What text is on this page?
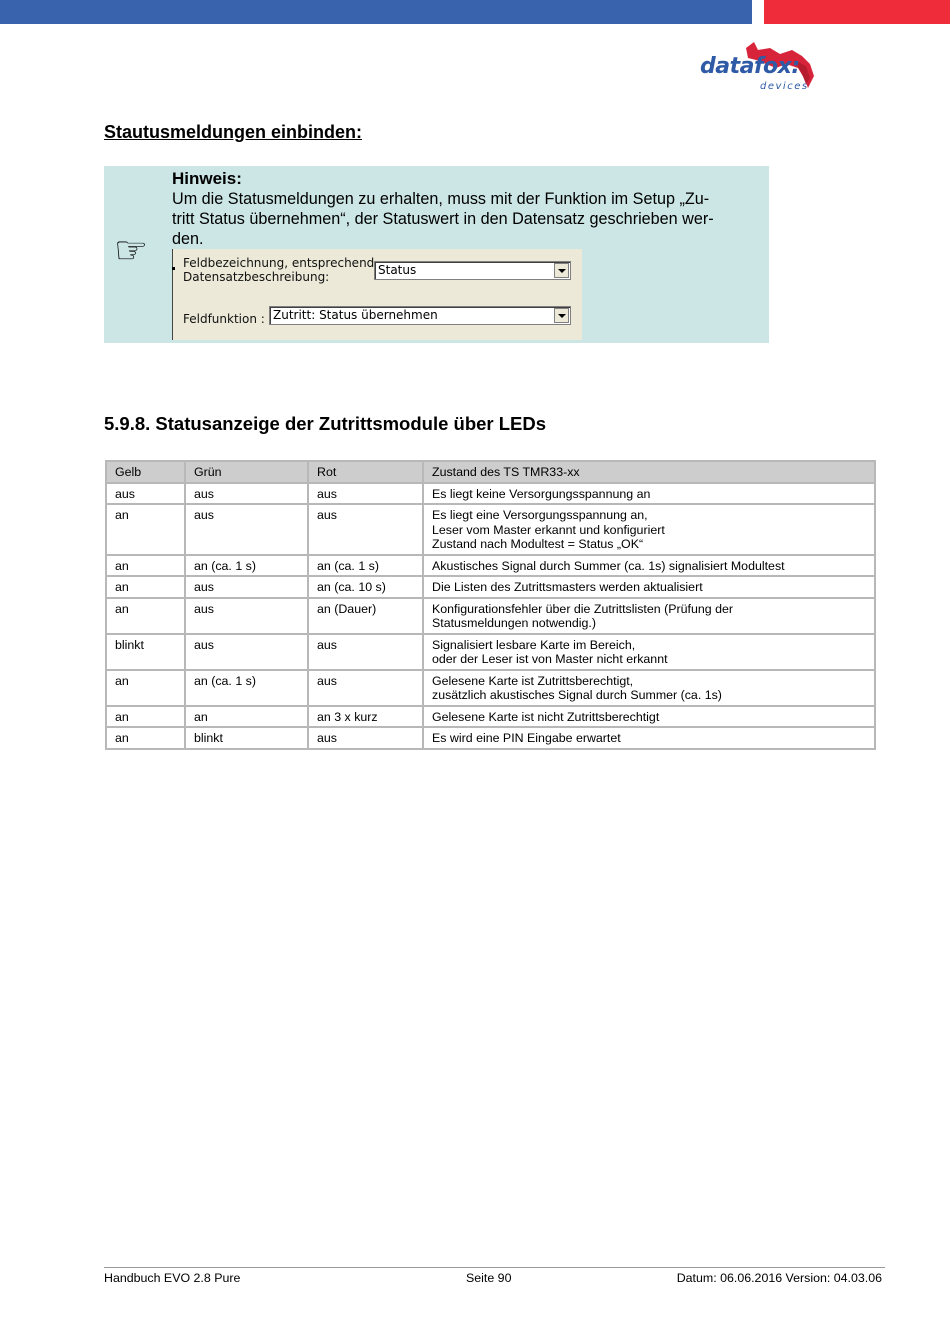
datafox:
devices
Stautusmeldungen einbinden:
☞
Hinweis:
Um die Statusmeldungen zu erhalten, muss mit der Funktion im Setup „Zu-
tritt Status übernehmen“, der Statuswert in den Datensatz geschrieben wer-
den.
Feldbezeichnung, entsprechend
Datensatzbeschreibung:	Status
Feldfunktion : Zutritt: Status übernehmen
5.9.8. Statusanzeige der Zutrittsmodule über LEDs
Gelb	Grün	Rot	Zustand des TS TMR33-xx
aus	aus	aus	Es liegt keine Versorgungsspannung an

an	aus	aus	Es liegt eine Versorgungsspannung an,
Leser vom Master erkannt und konfiguriert
Zustand nach Modultest = Status „OK“

an	an (ca. 1 s)	an (ca. 1 s)	Akustisches Signal durch Summer (ca. 1s) signalisiert Modultest

an	aus	an (ca. 10 s)	Die Listen des Zutrittsmasters werden aktualisiert

an	aus	an (Dauer)	Konfigurationsfehler über die Zutrittslisten (Prüfung der
Statusmeldungen notwendig.)

blinkt	aus	aus	Signalisiert lesbare Karte im Bereich,
oder der Leser ist von Master nicht erkannt

an	an (ca. 1 s)	aus	Gelesene Karte ist Zutrittsberechtigt,
zusätzlich akustisches Signal durch Summer (ca. 1s)

an	an	an 3 x kurz	Gelesene Karte ist nicht Zutrittsberechtigt

an	blinkt	aus	Es wird eine PIN Eingabe erwartet
Handbuch EVO 2.8 Pure	Seite 90	Datum: 06.06.2016 Version: 04.03.06
